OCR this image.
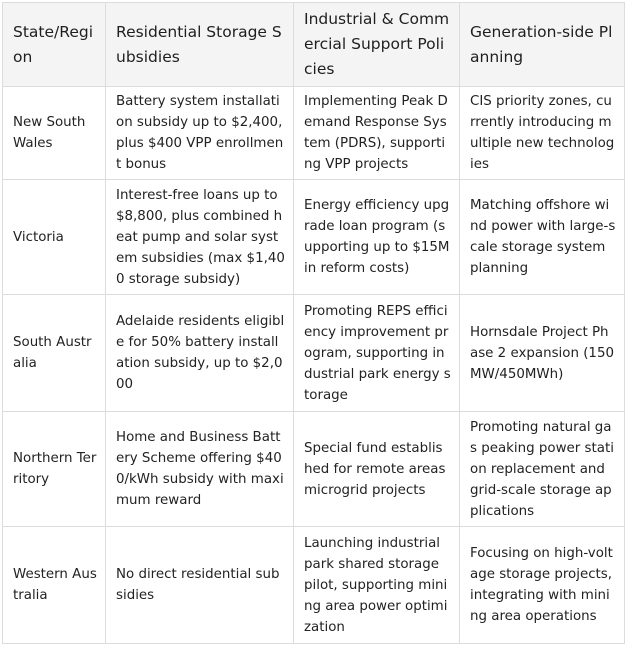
State/Region	Residential Storage Subsidies	Industrial & Commercial Support Policies	Generation-side Planning
New South Wales	Battery system installation subsidy up to $2,400, plus $400 VPP enrollment bonus	Implementing Peak Demand Response System (PDRS), supporting VPP projects	CIS priority zones, currently introducing multiple new technologies
Victoria	Interest-free loans up to $8,800, plus combined heat pump and solar system subsidies (max $1,400 storage subsidy)	Energy efficiency upgrade loan program (supporting up to $15M in reform costs)	Matching offshore wind power with large-scale storage system planning
South Australia	Adelaide residents eligible for 50% battery installation subsidy, up to $2,000	Promoting REPS efficiency improvement program, supporting industrial park energy storage	Hornsdale Project Phase 2 expansion (150MW/450MWh)
Northern Territory	Home and Business Battery Scheme offering $400/kWh subsidy with maximum reward	Special fund established for remote areas microgrid projects	Promoting natural gas peaking power station replacement and grid-scale storage applications
Western Australia	No direct residential subsidies	Launching industrial park shared storage pilot, supporting mining area power optimization	Focusing on high-voltage storage projects, integrating with mining area operations
